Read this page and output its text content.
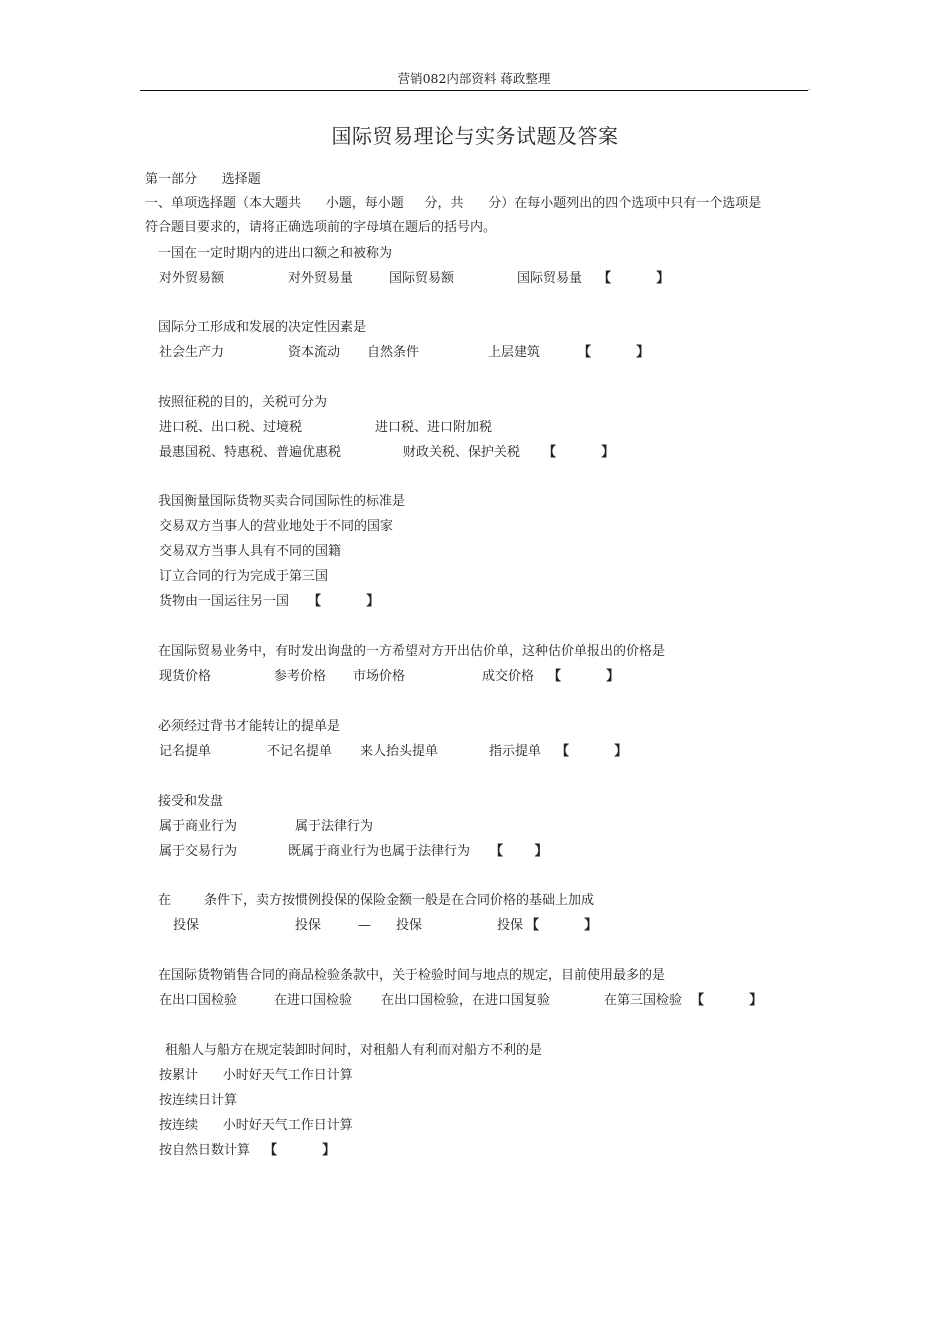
营销082内部资料 蒋政整理
.
国际贸易理论与实务试题及答案
第一部分      选择题
一、单项选择题（本大题共      小题，每小题     分，共      分）在每小题列出的四个选项中只有一个选项是
符合题目要求的，请将正确选项前的字母填在题后的括号内。
一国在一定时期内的进出口额之和被称为
对外贸易额	对外贸易量	国际贸易额	国际贸易量 【          】
国际分工形成和发展的决定性因素是
社会生产力	资本流动 自然条件	上层建筑	【          】
按照征税的目的，关税可分为
进口税、出口税、过境税	进口税、进口附加税
最惠国税、特惠税、普遍优惠税	财政关税、保护关税 【          】
我国衡量国际货物买卖合同国际性的标准是
交易双方当事人的营业地处于不同的国家
交易双方当事人具有不同的国籍
订立合同的行为完成于第三国
货物由一国运往另一国 【          】
在国际贸易业务中，有时发出询盘的一方希望对方开出估价单，这种估价单报出的价格是
现货价格	参考价格 市场价格	成交价格 【          】
必须经过背书才能转让的提单是
记名提单	不记名提单 来人抬头提单	指示提单 【          】
接受和发盘
属于商业行为	属于法律行为
属于交易行为	既属于商业行为也属于法律行为 【       】
在        条件下，卖方按惯例投保的保险金额一般是在合同价格的基础上加成
投保	投保	— 投保	投保 【          】
在国际货物销售合同的商品检验条款中，关于检验时间与地点的规定，目前使用最多的是
在出口国检验	在进口国检验 在出口国检验，在进口国复验	在第三国检验 【          】
租船人与船方在规定装卸时间时，对租船人有利而对船方不利的是
按累计      小时好天气工作日计算
按连续日计算
按连续      小时好天气工作日计算
按自然日数计算 【          】
